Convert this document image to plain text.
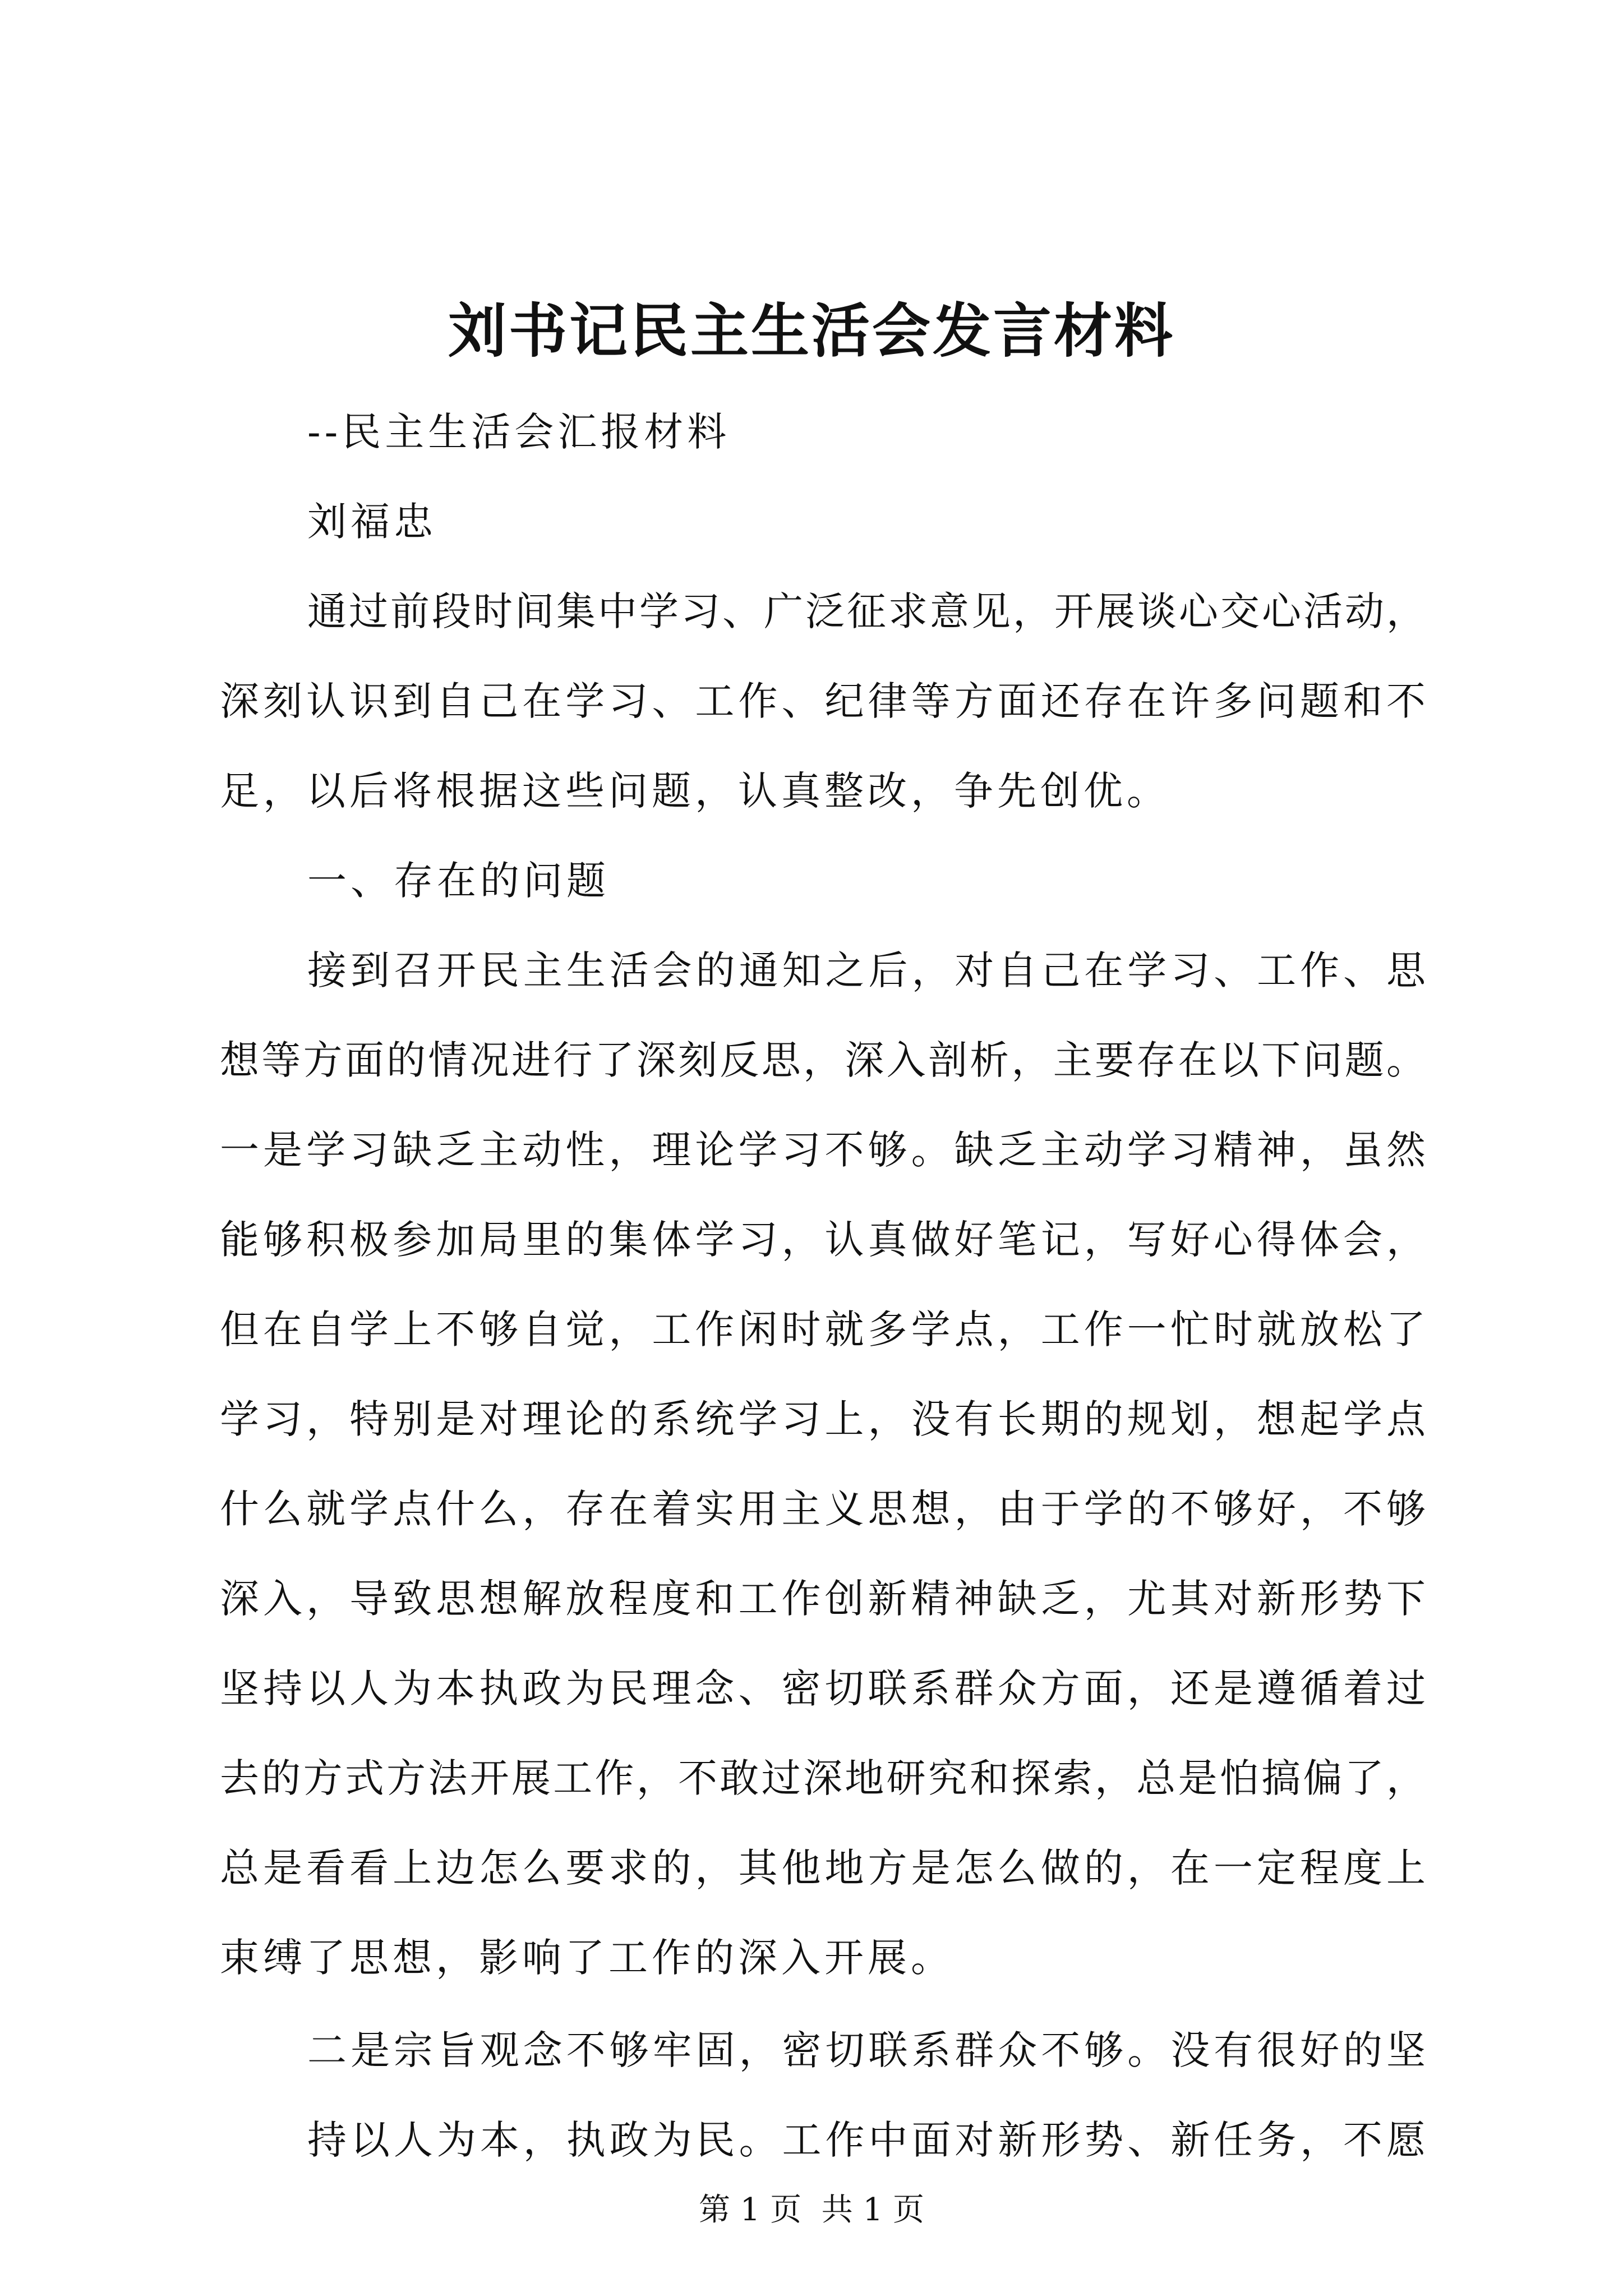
刘书记民主生活会发言材料
--民主生活会汇报材料
刘福忠
通过前段时间集中学习、广泛征求意见，开展谈心交心活动，
深刻认识到自己在学习、工作、纪律等方面还存在许多问题和不
足，以后将根据这些问题，认真整改，争先创优。
一、存在的问题
接到召开民主生活会的通知之后，对自己在学习、工作、思
想等方面的情况进行了深刻反思，深入剖析，主要存在以下问题。
一是学习缺乏主动性，理论学习不够。缺乏主动学习精神，虽然
能够积极参加局里的集体学习，认真做好笔记，写好心得体会，
但在自学上不够自觉，工作闲时就多学点，工作一忙时就放松了
学习，特别是对理论的系统学习上，没有长期的规划，想起学点
什么就学点什么，存在着实用主义思想，由于学的不够好，不够
深入，导致思想解放程度和工作创新精神缺乏，尤其对新形势下
坚持以人为本执政为民理念、密切联系群众方面，还是遵循着过
去的方式方法开展工作，不敢过深地研究和探索，总是怕搞偏了，
总是看看上边怎么要求的，其他地方是怎么做的，在一定程度上
束缚了思想，影响了工作的深入开展。
二是宗旨观念不够牢固，密切联系群众不够。没有很好的坚
持以人为本，执政为民。工作中面对新形势、新任务，不愿
第 1 页  共 1 页
